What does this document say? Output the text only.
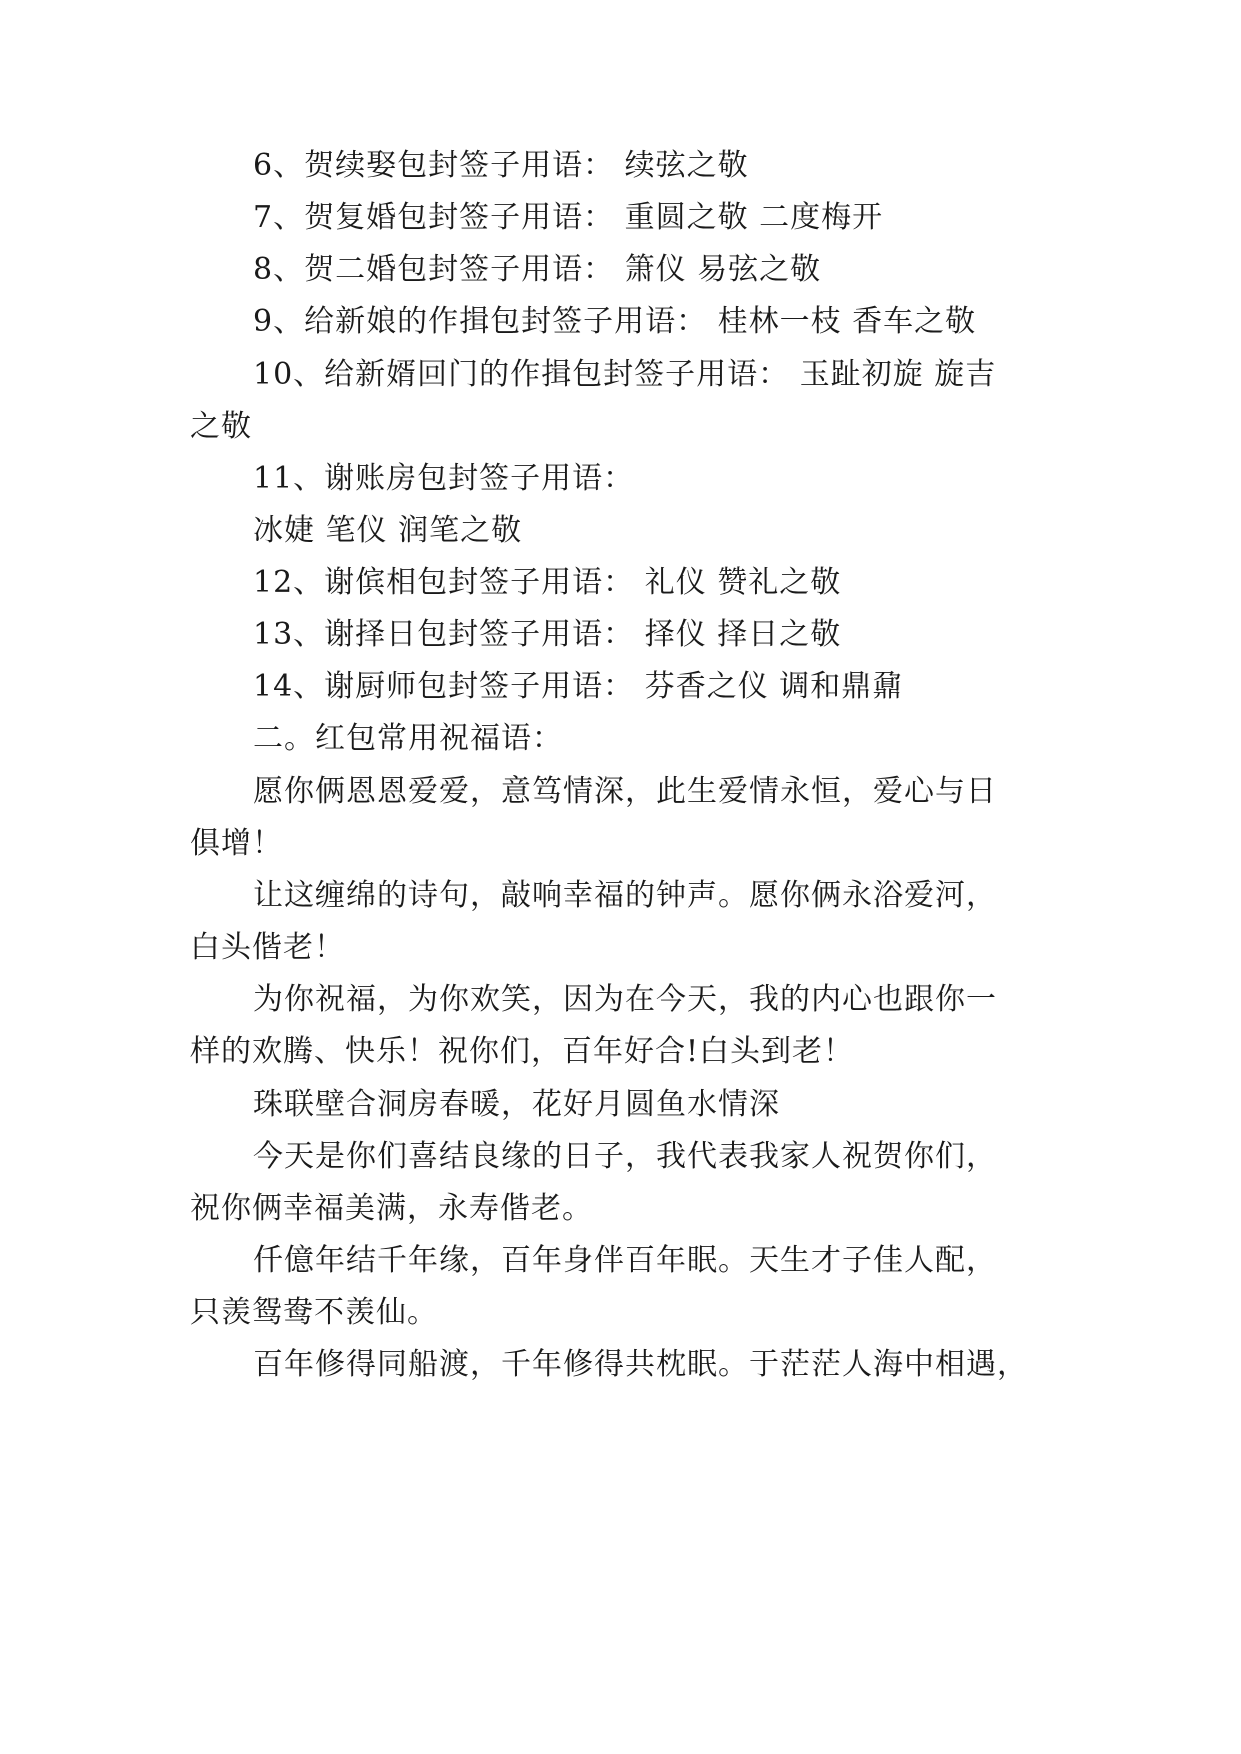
6、贺续娶包封签子用语： 续弦之敬
7、贺复婚包封签子用语： 重圆之敬 二度梅开
8、贺二婚包封签子用语： 箫仪 易弦之敬
9、给新娘的作揖包封签子用语： 桂林一枝 香车之敬
10、给新婿回门的作揖包封签子用语： 玉趾初旋 旋吉
之敬
11、谢账房包封签子用语：
冰婕 笔仪 润笔之敬
12、谢傧相包封签子用语： 礼仪 赞礼之敬
13、谢择日包封签子用语： 择仪 择日之敬
14、谢厨师包封签子用语： 芬香之仪 调和鼎鼐
二。红包常用祝福语：
愿你俩恩恩爱爱，意笃情深，此生爱情永恒，爱心与日
俱增！
让这缠绵的诗句，敲响幸福的钟声。愿你俩永浴爱河，
白头偕老！
为你祝福，为你欢笑，因为在今天，我的内心也跟你一
样的欢腾、快乐！祝你们，百年好合!白头到老！
珠联壁合洞房春暖，花好月圆鱼水情深
今天是你们喜结良缘的日子，我代表我家人祝贺你们，
祝你俩幸福美满，永寿偕老。
仟億年结千年缘，百年身伴百年眠。天生才子佳人配，
只羡鸳鸯不羡仙。
百年修得同船渡，千年修得共枕眠。于茫茫人海中相遇，
